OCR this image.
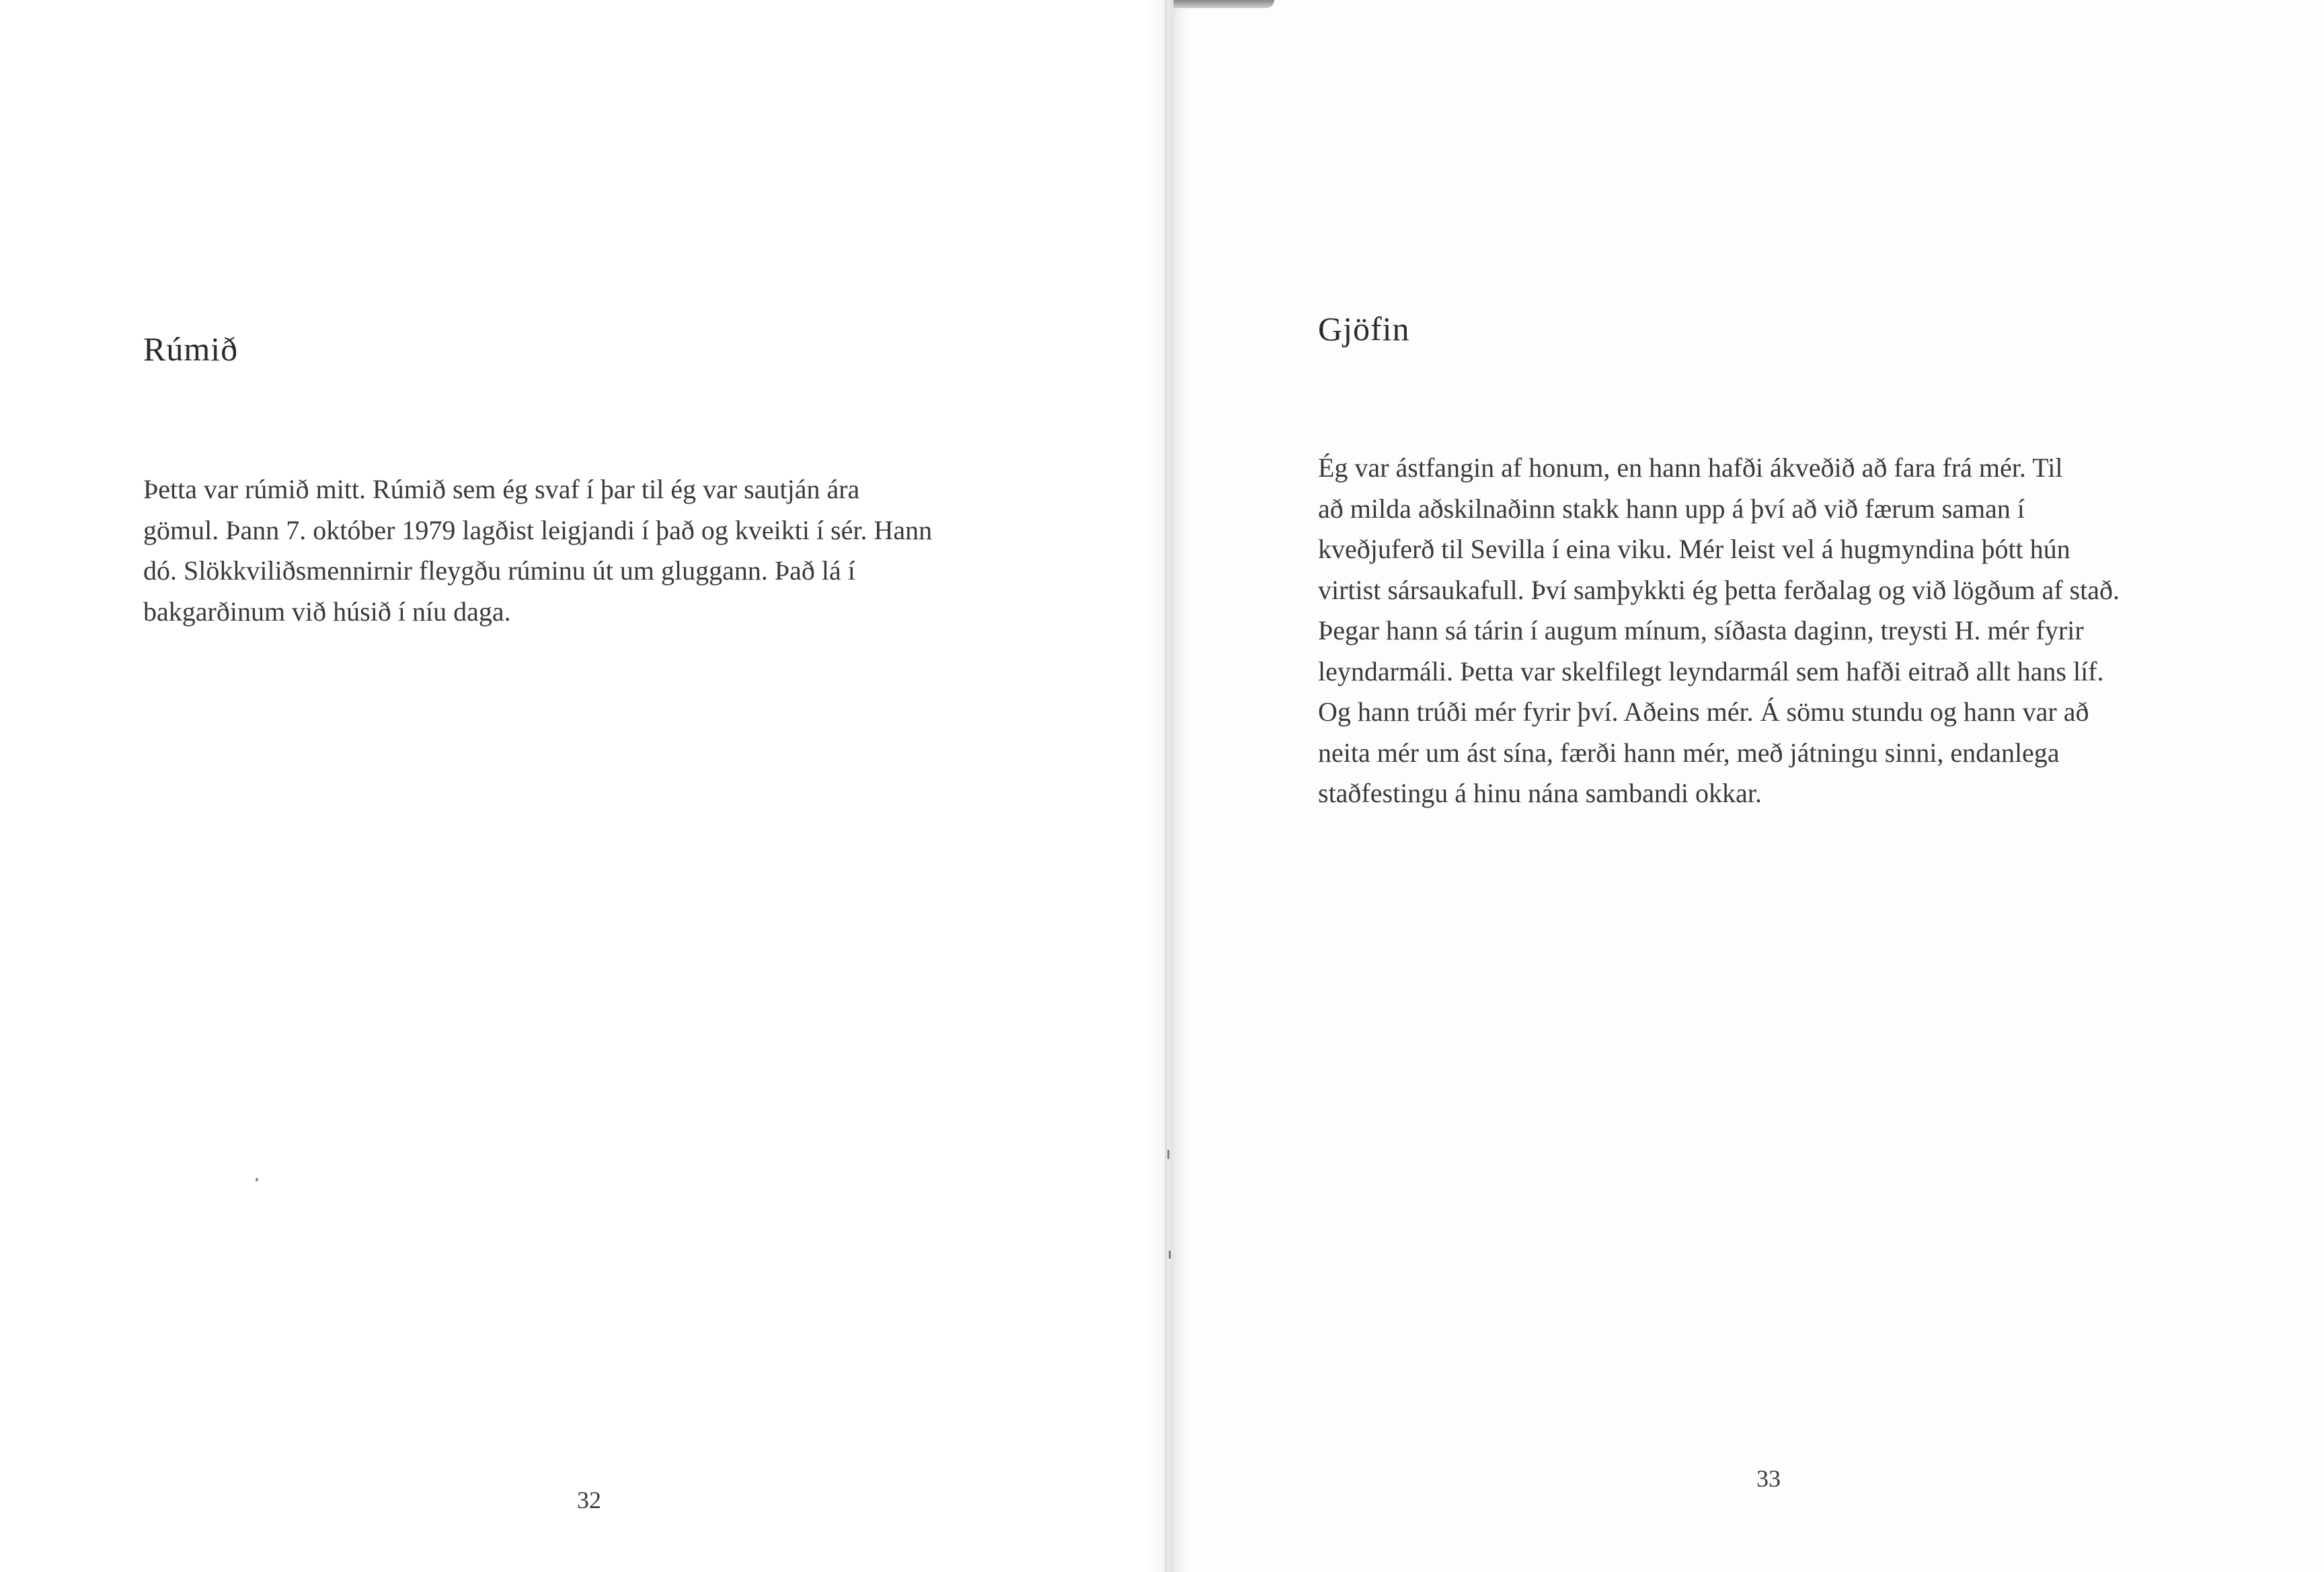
Rúmið
Þetta var rúmið mitt. Rúmið sem ég svaf í þar til ég var sautján ára
gömul. Þann 7. október 1979 lagðist leigjandi í það og kveikti í sér. Hann
dó. Slökkviliðsmennirnir fleygðu rúminu út um gluggann. Það lá í
bakgarðinum við húsið í níu daga.
32
Gjöfin
Ég var ástfangin af honum, en hann hafði ákveðið að fara frá mér. Til
að milda aðskilnaðinn stakk hann upp á því að við færum saman í
kveðjuferð til Sevilla í eina viku. Mér leist vel á hugmyndina þótt hún
virtist sársaukafull. Því samþykkti ég þetta ferðalag og við lögðum af stað.
Þegar hann sá tárin í augum mínum, síðasta daginn, treysti H. mér fyrir
leyndarmáli. Þetta var skelfilegt leyndarmál sem hafði eitrað allt hans líf.
Og hann trúði mér fyrir því. Aðeins mér. Á sömu stundu og hann var að
neita mér um ást sína, færði hann mér, með játningu sinni, endanlega
staðfestingu á hinu nána sambandi okkar.
33
